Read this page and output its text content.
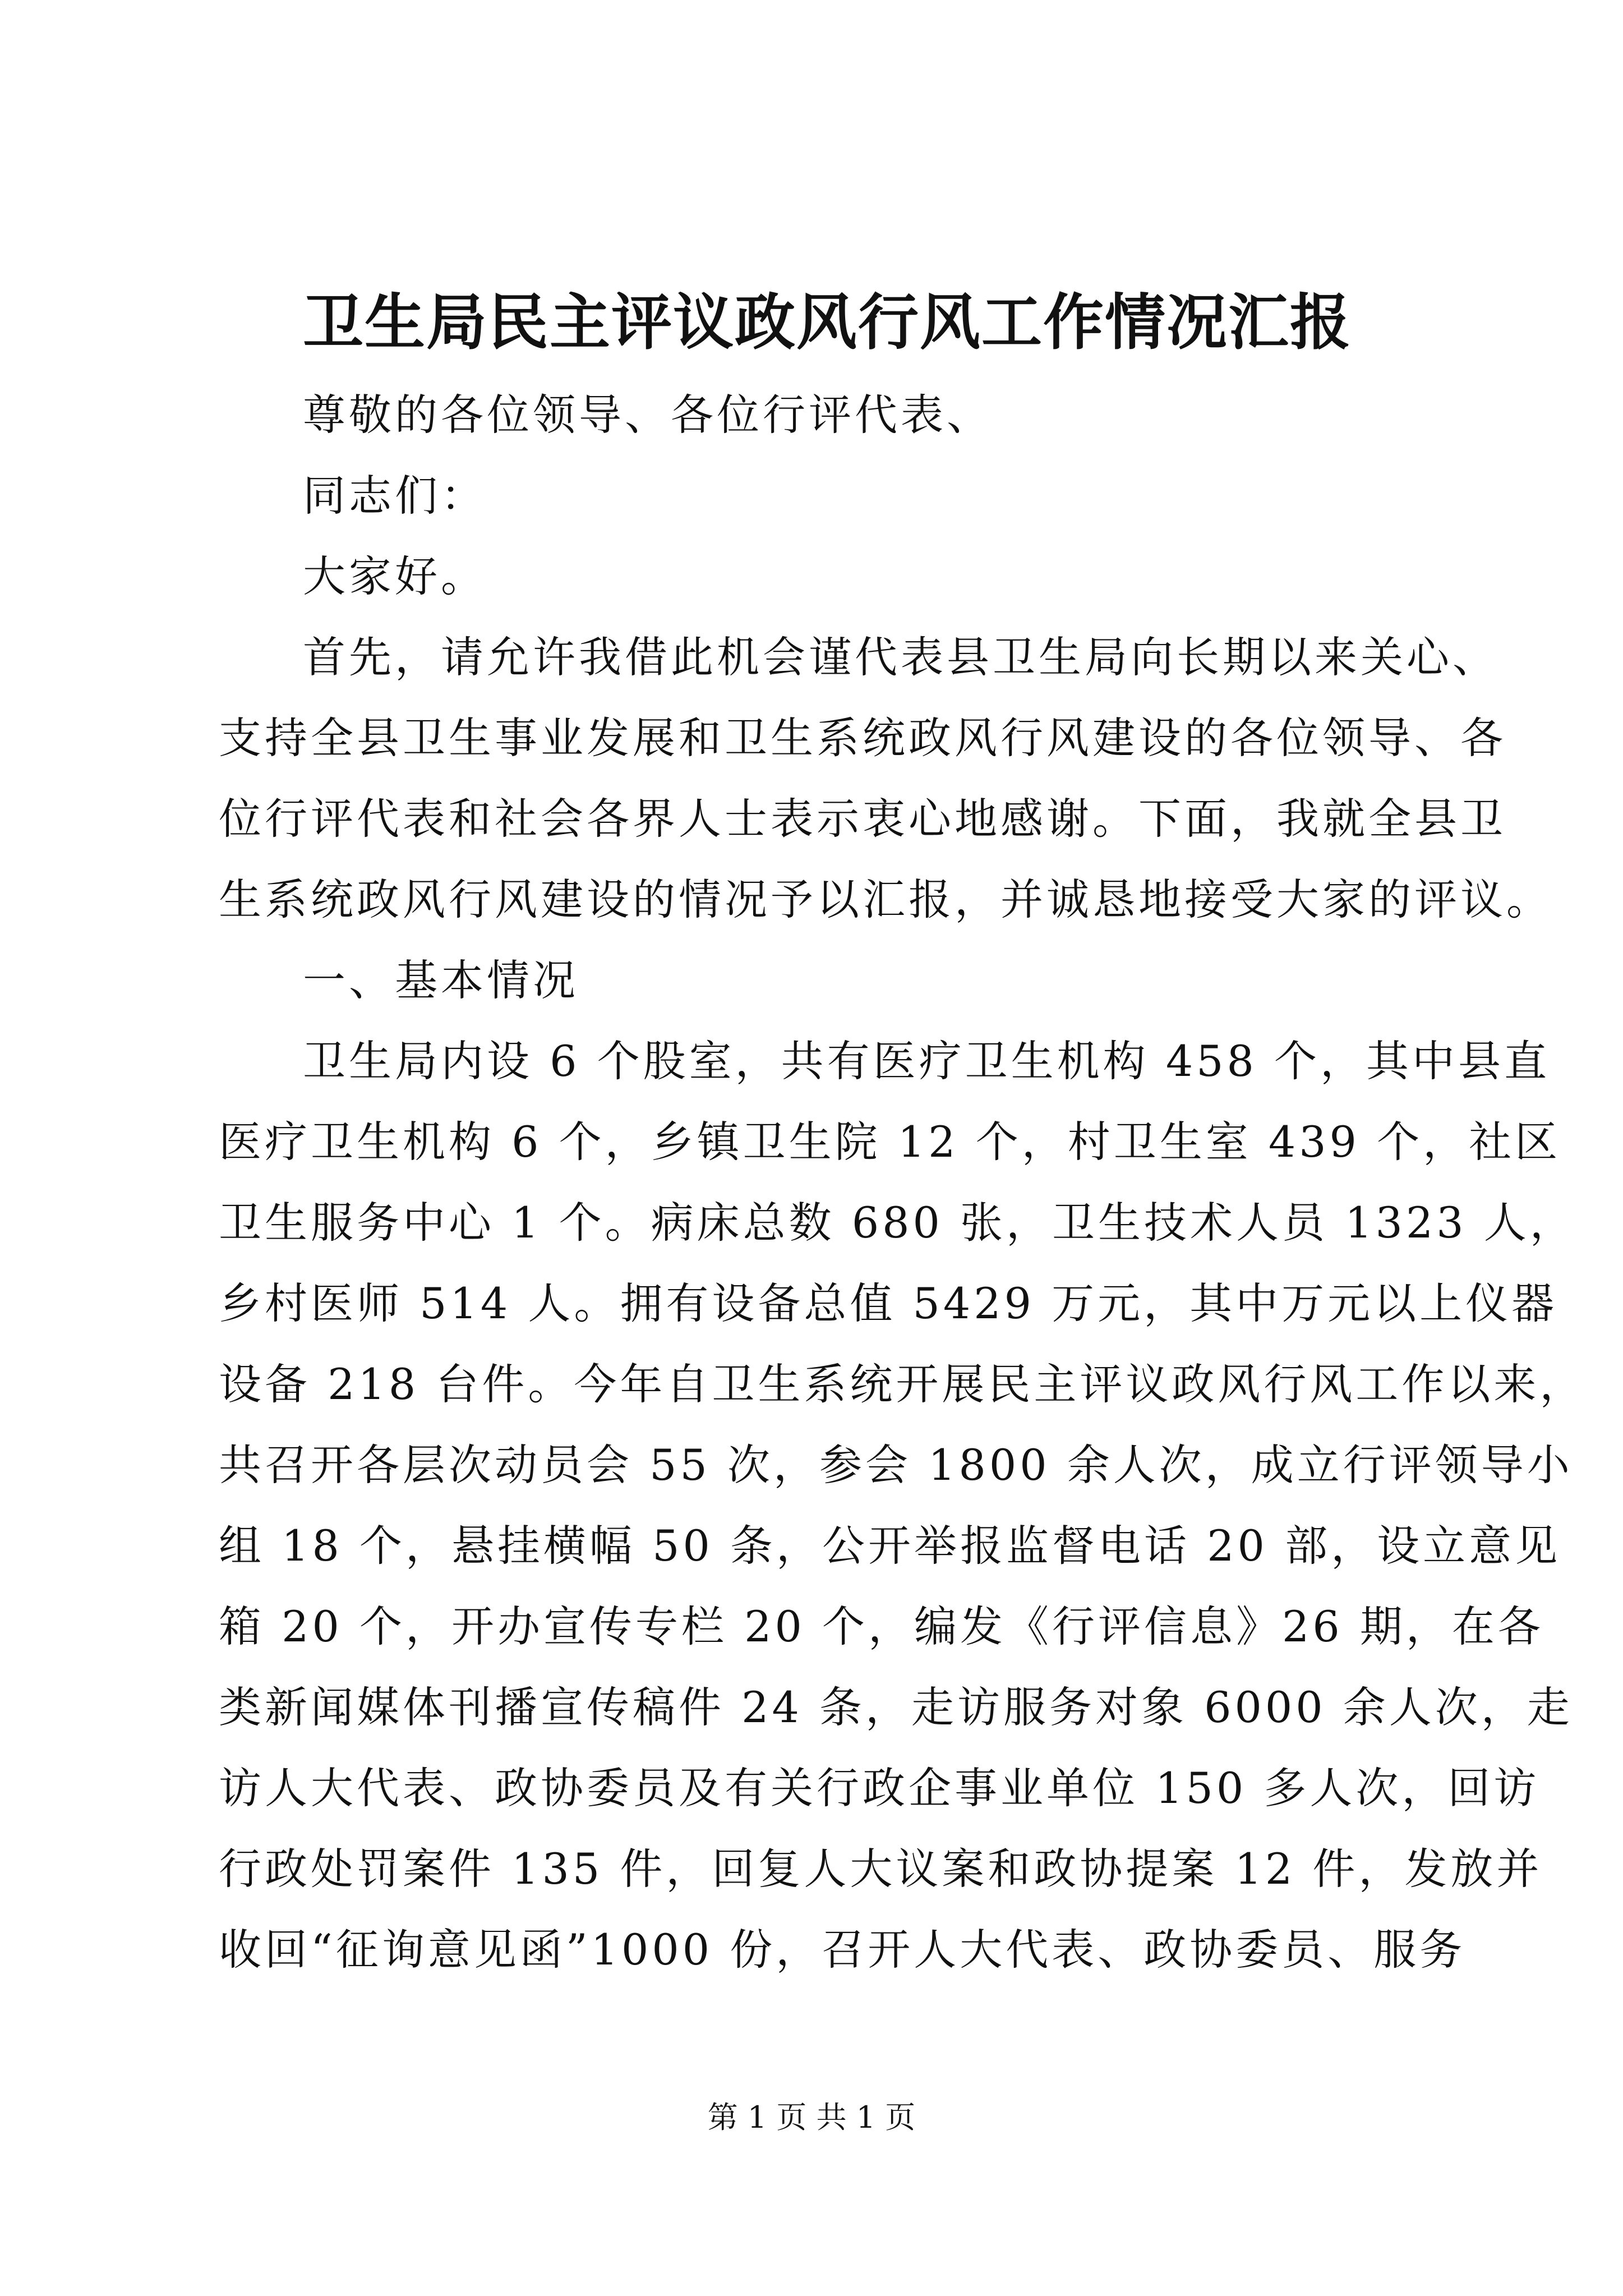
卫生局民主评议政风行风工作情况汇报
尊敬的各位领导、各位行评代表、
同志们：
大家好。
首先，请允许我借此机会谨代表县卫生局向长期以来关心、
支持全县卫生事业发展和卫生系统政风行风建设的各位领导、各
位行评代表和社会各界人士表示衷心地感谢。下面，我就全县卫
生系统政风行风建设的情况予以汇报，并诚恳地接受大家的评议。
一、基本情况
卫生局内设 6 个股室，共有医疗卫生机构 458 个，其中县直
医疗卫生机构 6 个，乡镇卫生院 12 个，村卫生室 439 个，社区
卫生服务中心 1 个。病床总数 680 张，卫生技术人员 1323 人，
乡村医师 514 人。拥有设备总值 5429 万元，其中万元以上仪器
设备 218 台件。今年自卫生系统开展民主评议政风行风工作以来，
共召开各层次动员会 55 次，参会 1800 余人次，成立行评领导小
组 18 个，悬挂横幅 50 条，公开举报监督电话 20 部，设立意见
箱 20 个，开办宣传专栏 20 个，编发《行评信息》26 期，在各
类新闻媒体刊播宣传稿件 24 条，走访服务对象 6000 余人次，走
访人大代表、政协委员及有关行政企事业单位 150 多人次，回访
行政处罚案件 135 件，回复人大议案和政协提案 12 件，发放并
收回“征询意见函”1000 份，召开人大代表、政协委员、服务
第 1 页 共 1 页
